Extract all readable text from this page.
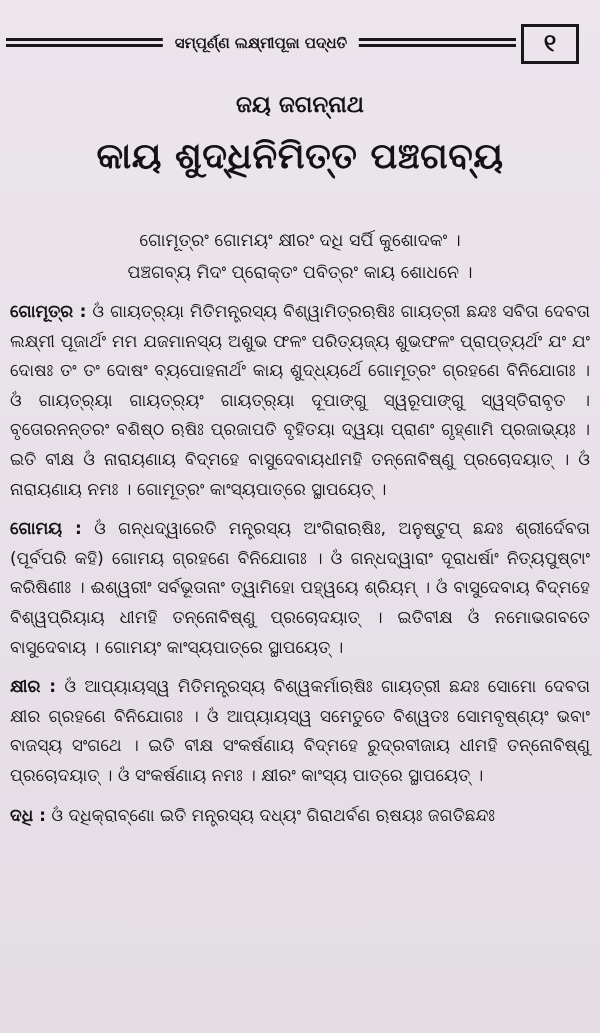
ସମ୍ପୂର୍ଣ୍ଣ ଲକ୍ଷ୍ମୀପୂଜା ପଦ୍ଧତି	୧
ଜୟ ଜଗନ୍ନାଥ
କାୟ ଶୁଦ୍ଧିନିମିତ୍ତ ପଞ୍ଚଗବ୍ୟ
ଗୋମୂତ୍ରଂ ଗୋମୟଂ କ୍ଷୀରଂ ଦଧି ସର୍ପି କୁଶୋଦକଂ ।
ପଞ୍ଚଗବ୍ୟ ମିଦଂ ପ୍ରୋକ୍ତଂ ପବିତ୍ରଂ କାୟ ଶୋଧନେ ।

ଗୋମୂତ୍ର : ଓଁ ଗାୟତ୍ର୍ୟା ମିତିମନ୍ତ୍ରସ୍ୟ ବିଶ୍ୱାମିତ୍ରଋଷିଃ ଗାୟତ୍ରୀ ଛନ୍ଦଃ ସବିତା ଦେବତା ଲକ୍ଷ୍ମୀ ପୂଜାର୍ଥଂ ମମ ଯଜମାନସ୍ୟ ଅଶୁଭ ଫଳଂ ପରିତ୍ୟଜ୍ୟ ଶୁଭଫଳଂ ପ୍ରାପ୍ତ୍ୟର୍ଥଂ ଯଂ ଯଂ ଦୋଷଃ ତଂ ତଂ ଦୋଷଂ ବ୍ୟପୋହନାର୍ଥଂ କାୟ ଶୁଦ୍ଧ୍ୟର୍ଥେ ଗୋମୂତ୍ରଂ ଗ୍ରହଣେ ବିନିଯୋଗଃ । ଓଁ ଗାୟତ୍ର୍ୟା ଗାୟତ୍ର୍ୟଂ ଗାୟତ୍ର୍ୟା ଦୂପାଙ୍ଗୁ ସ୍ୱରୂପାଙ୍ଗୁ ସ୍ୱସ୍ତିରାବୃତ । ବୃତୋରନନ୍ତରଂ ବଶିଷ୍ଠ ଋଷିଃ ପ୍ରଜାପତି ବୃହିତୟା ଦ୍ୱୟା ପ୍ରାଣଂ ଗୃହ୍ଣାମି ପ୍ରଜାଭ୍ୟଃ । ଇତି ବୀକ୍ଷ ଓଁ ନାରାୟଣାୟ ବିଦ୍ମହେ ବାସୁଦେବାୟଧୀମହି ତନ୍ନୋବିଷ୍ଣୁ ପ୍ରଚୋଦୟାତ୍ । ଓଁ ନାରାୟଣାୟ ନମଃ । ଗୋମୂତ୍ରଂ କାଂସ୍ୟପାତ୍ରେ ସ୍ଥାପୟେତ୍ ।

ଗୋମୟ : ଓଁ ଗନ୍ଧଦ୍ୱାରେତି ମନ୍ତ୍ରସ୍ୟ ଅଂଗିରାଋଷିଃ, ଅନୁଷ୍ଟୁପ୍ ଛନ୍ଦଃ ଶ୍ରୀର୍ଦେବତା (ପୂର୍ବପରି କହି) ଗୋମୟ ଗ୍ରହଣେ ବିନିଯୋଗଃ । ଓଁ ଗନ୍ଧଦ୍ୱାରାଂ ଦୂରାଧର୍ଷାଂ ନିତ୍ୟପୁଷ୍ଟାଂ କରିଷିଣୀଃ । ଈଶ୍ୱରୀଂ ସର୍ବଭୂତାନାଂ ତ୍ୱାମିହୋ ପହ୍ୱୟେ ଶ୍ରିୟମ୍ । ଓଁ ବାସୁଦେବାୟ ବିଦ୍ମହେ ବିଶ୍ୱପ୍ରିୟାୟ ଧୀମହି ତନ୍ନୋବିଷ୍ଣୁ ପ୍ରଚୋଦୟାତ୍ । ଇତିବୀକ୍ଷ ଓଁ ନମୋଭଗବତେ ବାସୁଦେବାୟ । ଗୋମୟଂ କାଂସ୍ୟପାତ୍ରେ ସ୍ଥାପୟେତ୍ ।

କ୍ଷୀର : ଓଁ ଆପ୍ୟାୟସ୍ୱ ମିତିମନ୍ତ୍ରସ୍ୟ ବିଶ୍ୱକର୍ମାଋଷିଃ ଗାୟତ୍ରୀ ଛନ୍ଦଃ ସୋମୋ ଦେବତା କ୍ଷୀର ଗ୍ରହଣେ ବିନିଯୋଗଃ । ଓଁ ଆପ୍ୟାୟସ୍ୱ ସମେତୁତେ ବିଶ୍ୱତଃ ସୋମବୃଷ୍ଣ୍ୟଂ ଭବାଂ ବାଜସ୍ୟ ସଂଗଥେ । ଇତି ବୀକ୍ଷ ସଂକର୍ଷଣାୟ ବିଦ୍ମହେ ରୁଦ୍ରବୀଜାୟ ଧୀମହି ତନ୍ନୋବିଷ୍ଣୁ ପ୍ରଚୋଦୟାତ୍ । ଓଁ ସଂକର୍ଷଣାୟ ନମଃ । କ୍ଷୀରଂ କାଂସ୍ୟ ପାତ୍ରେ ସ୍ଥାପୟେତ୍ ।

ଦଧି : ଓଁ ଦଧିକ୍ରାବ୍ଣୋ ଇତି ମନ୍ତ୍ରସ୍ୟ ଦଧ୍ୟଂ ଗିରାଥର୍ବଣ ଋଷୟଃ ଜଗତିଛନ୍ଦଃ
